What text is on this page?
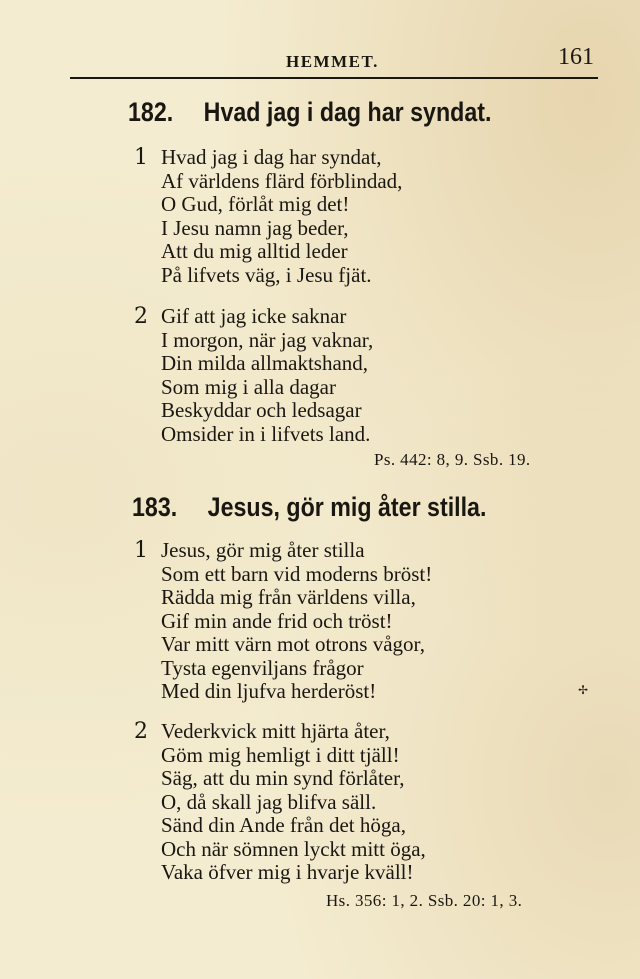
HEMMET.	161
182. Hvad jag i dag har syndat.
1 Hvad jag i dag har syndat,
Af världens flärd förblindad,
O Gud, förlåt mig det!
I Jesu namn jag beder,
Att du mig alltid leder
På lifvets väg, i Jesu fjät.
2 Gif att jag icke saknar
I morgon, när jag vaknar,
Din milda allmaktshand,
Som mig i alla dagar
Beskyddar och ledsagar
Omsider in i lifvets land.
Ps. 442: 8, 9. Ssb. 19.
183. Jesus, gör mig åter stilla.
1 Jesus, gör mig åter stilla
Som ett barn vid moderns bröst!
Rädda mig från världens villa,
Gif min ande frid och tröst!
Var mitt värn mot otrons vågor,
Tysta egenviljans frågor
Med din ljufva herderöst!	✢
2 Vederkvick mitt hjärta åter,
Göm mig hemligt i ditt tjäll!
Säg, att du min synd förlåter,
O, då skall jag blifva säll.
Sänd din Ande från det höga,
Och när sömnen lyckt mitt öga,
Vaka öfver mig i hvarje kväll!
Hs. 356: 1, 2. Ssb. 20: 1, 3.
